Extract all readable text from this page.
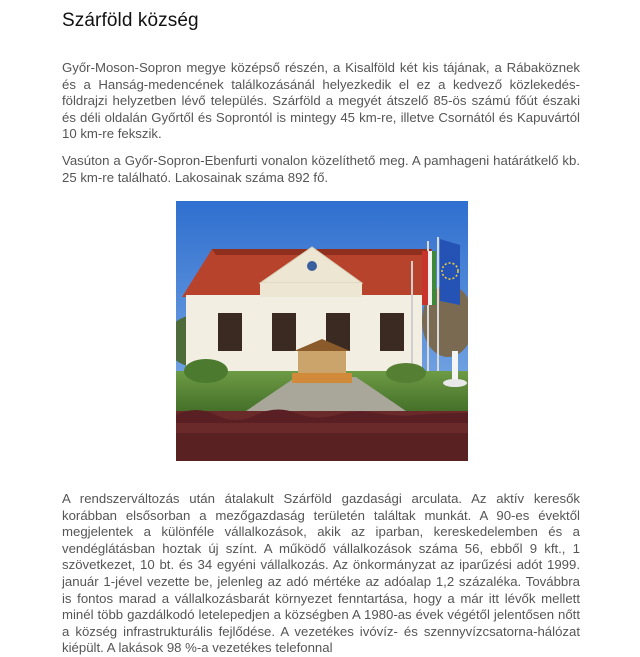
Szárföld község

Győr-Moson-Sopron megye középső részén, a Kisalföld két kis tájának, a Rábaköznek és a Hanság-medencének találkozásánál helyezkedik el ez a kedvező közlekedés-földrajzi helyzetben lévő település. Szárföld a megyét átszelő 85-ös számú főút északi és déli oldalán Győrtől és Soprontól is mintegy 45 km-re, illetve Csornától és Kapuvártól 10 km-re fekszik.

Vasúton a Győr-Sopron-Ebenfurti vonalon közelíthető meg. A pamhageni határátkelő kb. 25 km-re található. Lakosainak száma 892 fő.

A rendszerváltozás után átalakult Szárföld gazdasági arculata. Az aktív keresők korábban elsősorban a mezőgazdaság területén találtak munkát. A 90-es évektől megjelentek a különféle vállalkozások, akik az iparban, kereskedelemben és a vendéglátásban hoztak új színt. A működő vállalkozások száma 56, ebből 9 kft., 1 szövetkezet, 10 bt. és 34 egyéni vállalkozás. Az önkormányzat az iparűzési adót 1999. január 1-jével vezette be, jelenleg az adó mértéke az adóalap 1,2 százaléka. Továbbra is fontos marad a vállalkozásbarát környezet fenntartása, hogy a már itt lévők mellett minél több gazdálkodó letelepedjen a községben A 1980-as évek végétől jelentősen nőtt a község infrastrukturális fejlődése. A vezetékes ivóvíz- és szennyvízcsatorna-hálózat kiépült. A lakások 98 %-a vezetékes telefonnal
